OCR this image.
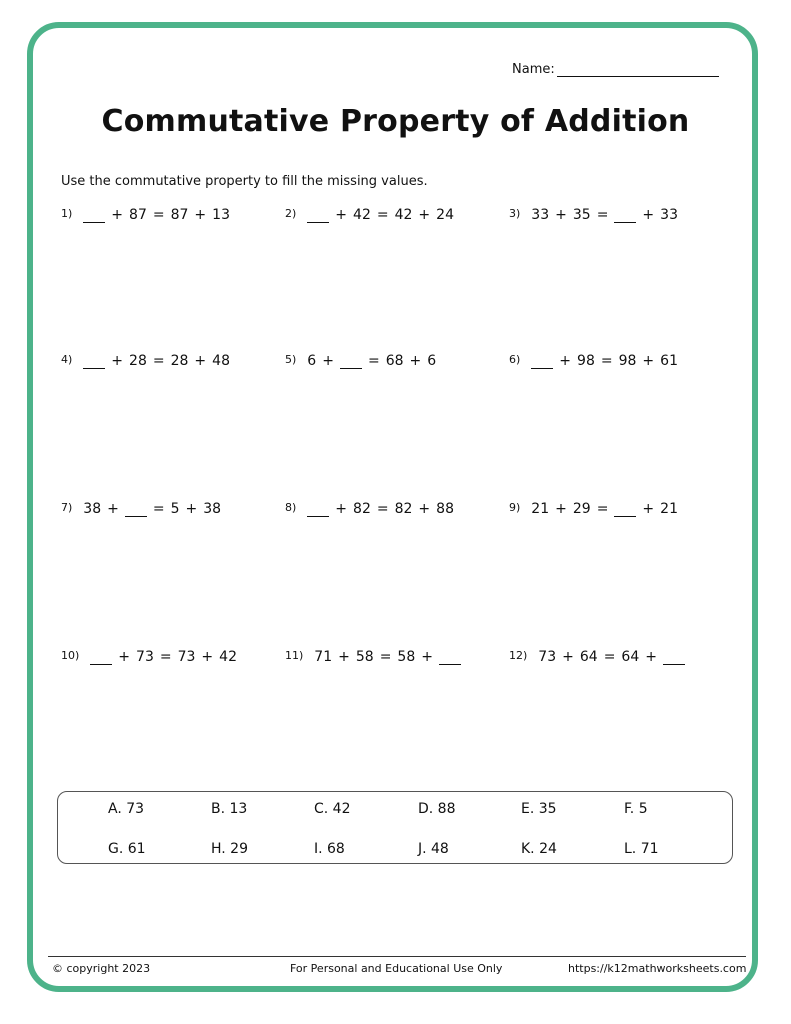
Name:
Commutative Property of Addition
Use the commutative property to fill the missing values.
1)	+ 87 = 87 + 13	2)	+ 42 = 42 + 24	3) 33 + 35 = + 33
4)	+ 28 = 28 + 48	5) 6 + = 68 + 6	6)	+ 98 = 98 + 61
7) 38 + = 5 + 38	8)	+ 82 = 82 + 88	9) 21 + 29 = + 21
10)	+ 73 = 73 + 42	11) 71 + 58 = 58 +	12) 73 + 64 = 64 +
A. 73	B. 13	C. 42	D. 88	E. 35	F. 5
G. 61	H. 29	I. 68	J. 48	K. 24	L. 71
© copyright 2023	For Personal and Educational Use Only	https://k12mathworksheets.com
